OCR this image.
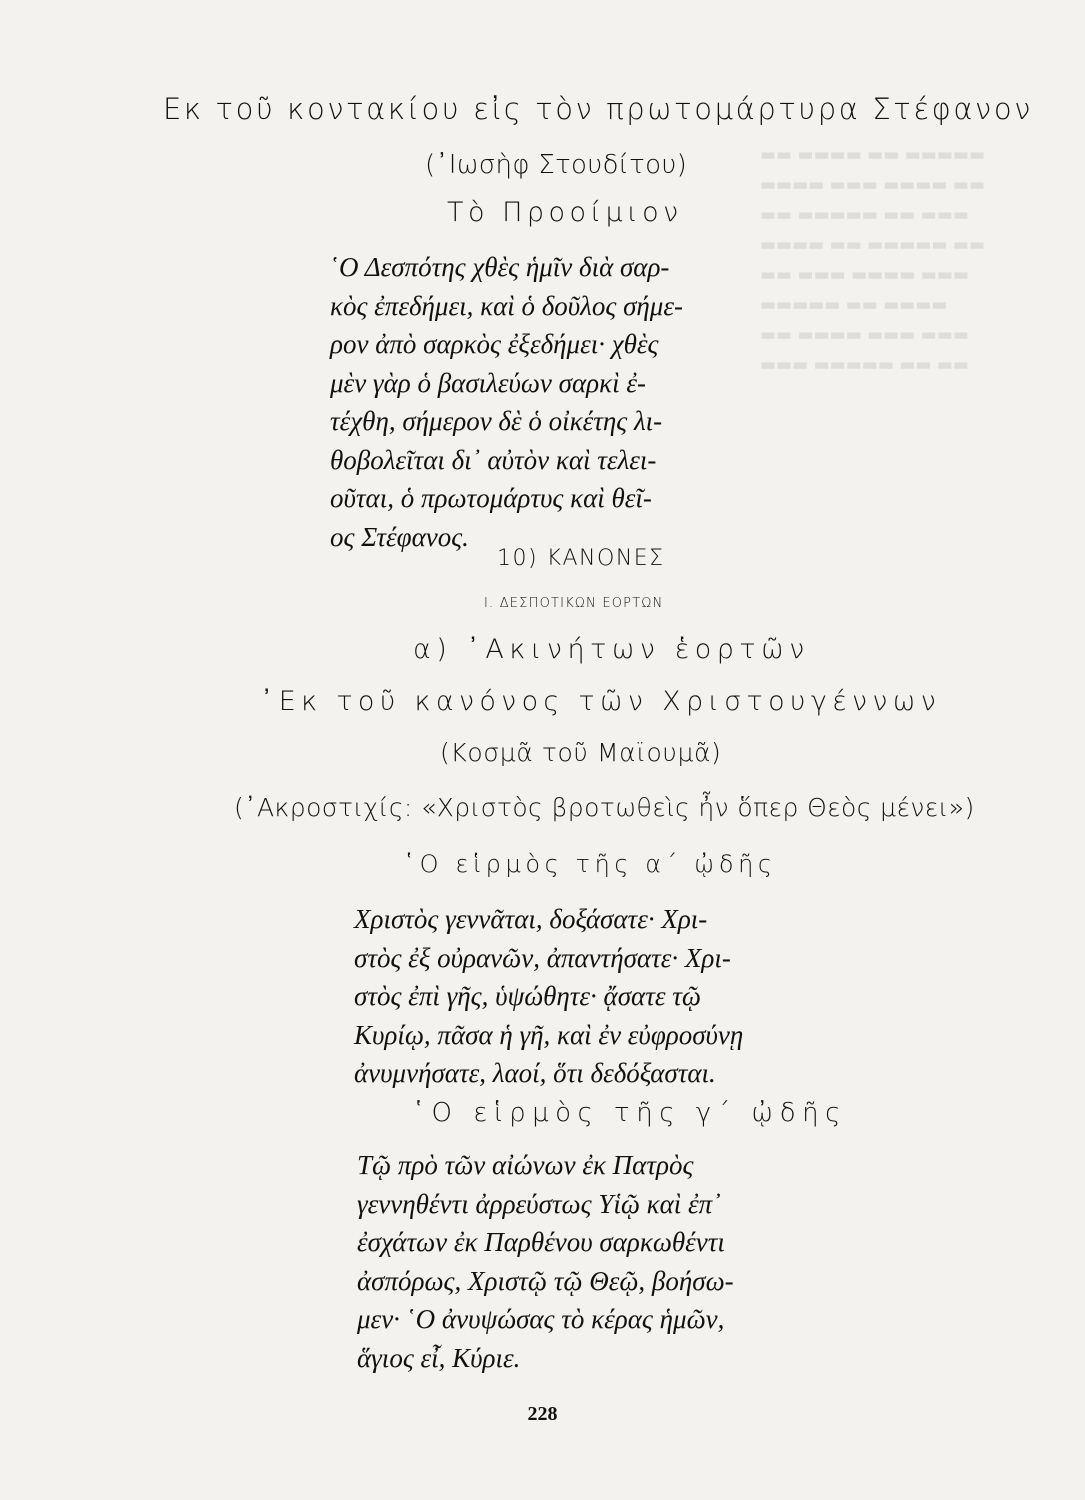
▬▬ ▬▬▬▬ ▬▬ ▬▬▬▬▬
▬▬▬▬ ▬▬▬ ▬▬▬▬ ▬▬
▬▬ ▬▬▬▬▬ ▬▬ ▬▬▬
▬▬▬▬ ▬▬ ▬▬▬▬▬ ▬▬
▬▬ ▬▬▬ ▬▬▬▬ ▬▬▬
▬▬▬▬▬ ▬▬ ▬▬▬▬
▬▬ ▬▬▬▬ ▬▬▬ ▬▬▬
▬▬▬ ▬▬▬▬▬ ▬▬ ▬▬
Εκ τοῦ κοντακίου εἰς τὸν πρωτομάρτυρα Στέφανον
(᾿Ιωσὴφ Στουδίτου)
Τὸ Προοίμιον
῾Ο Δεσπότης χθὲς ἡμῖν διὰ σαρ-
κὸς ἐπεδήμει, καὶ ὁ δοῦλος σήμε-
ρον ἀπὸ σαρκὸς ἐξεδήμει· χθὲς
μὲν γὰρ ὁ βασιλεύων σαρκὶ ἐ-
τέχθη, σήμερον δὲ ὁ οἰκέτης λι-
θοβολεῖται δι᾿ αὐτὸν καὶ τελει-
οῦται, ὁ πρωτομάρτυς καὶ θεῖ-
ος Στέφανος.
10) ΚΑΝΟΝΕΣ
Ι. ΔΕΣΠΟΤΙΚΩΝ ΕΟΡΤΩΝ
α) ᾿Ακινήτων ἑορτῶν
᾿Εκ τοῦ κανόνος τῶν Χριστουγέννων
(Κοσμᾶ τοῦ Μαϊουμᾶ)
(᾿Ακροστιχίς: «Χριστὸς βροτωθεὶς ἦν ὅπερ Θεὸς μένει»)
῾Ο εἱρμὸς τῆς α΄ ᾠδῆς
Χριστὸς γεννᾶται, δοξάσατε· Χρι-
στὸς ἐξ οὐρανῶν, ἀπαντήσατε· Χρι-
στὸς ἐπὶ γῆς, ὑψώθητε· ᾄσατε τῷ
Κυρίῳ, πᾶσα ἡ γῆ, καὶ ἐν εὐφροσύνῃ
ἀνυμνήσατε, λαοί, ὅτι δεδόξασται.
῾Ο εἱρμὸς τῆς γ΄ ᾠδῆς
Τῷ πρὸ τῶν αἰώνων ἐκ Πατρὸς
γεννηθέντι ἀρρεύστως Υἱῷ καὶ ἐπ᾿
ἐσχάτων ἐκ Παρθένου σαρκωθέντι
ἀσπόρως, Χριστῷ τῷ Θεῷ, βοήσω-
μεν· ῾Ο ἀνυψώσας τὸ κέρας ἡμῶν,
ἅγιος εἶ, Κύριε.
228
